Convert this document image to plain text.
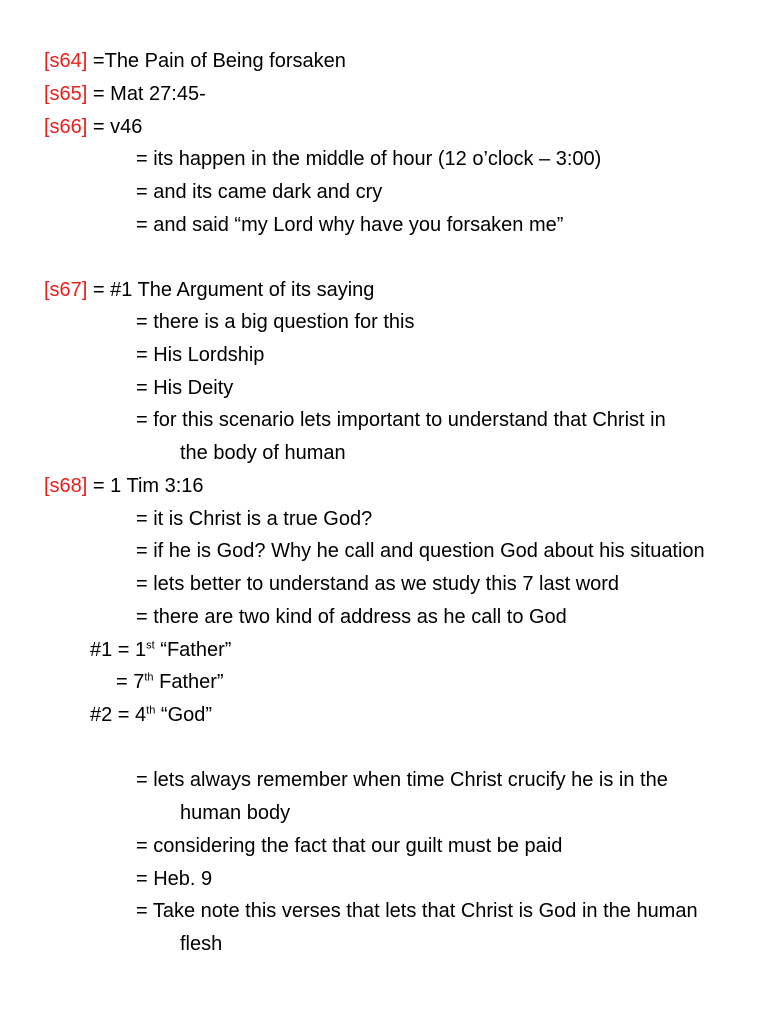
[s64] =The Pain of Being forsaken
[s65] = Mat 27:45-
[s66] = v46
= its happen in the middle of hour (12 o’clock – 3:00)
= and its came dark and cry
= and said “my Lord why have you forsaken me”
[s67] = #1 The Argument of its saying
= there is a big question for this
= His Lordship
= His Deity
= for this scenario lets important to understand that Christ in
the body of human
[s68] = 1 Tim 3:16
= it is Christ is a true God?
= if he is God? Why he call and question God about his situation
= lets better to understand as we study this 7 last word
= there are two kind of address as he call to God
#1 = 1st “Father”
= 7th Father”
#2 = 4th “God”
= lets always remember when time Christ crucify he is in the
human body
= considering the fact that our guilt must be paid
= Heb. 9
= Take note this verses that lets that Christ is God in the human
flesh
